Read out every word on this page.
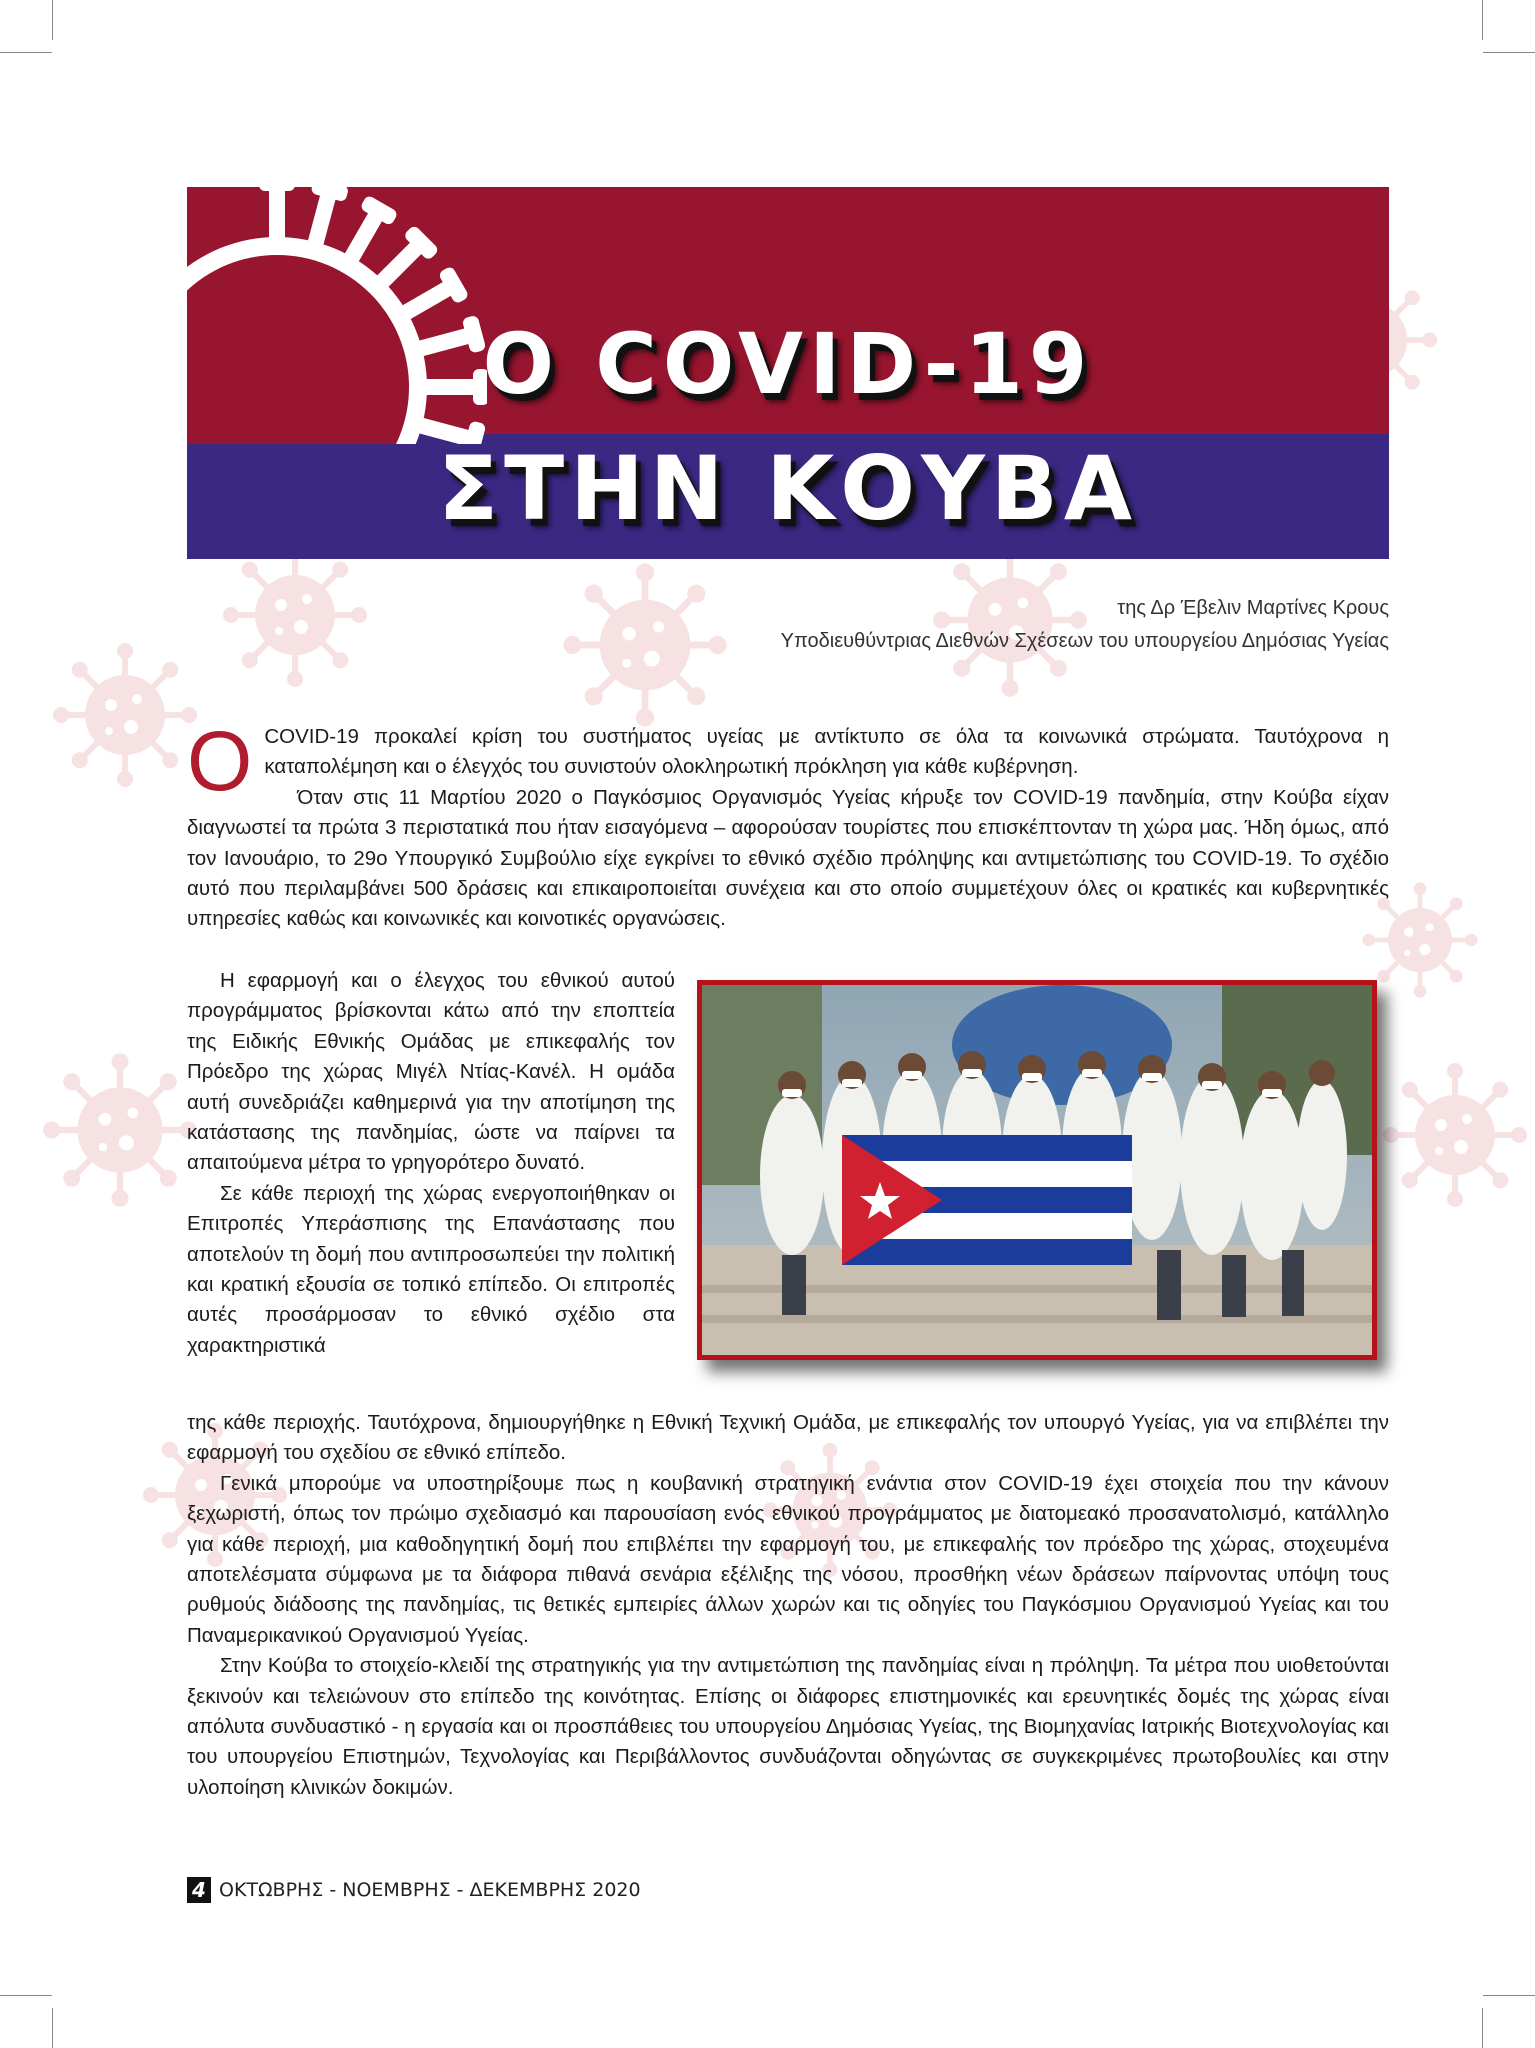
Ο COVID-19
ΣΤΗΝ ΚΟΥΒΑ
της Δρ Έβελιν Μαρτίνες Κρους
Υποδιευθύντριας Διεθνών Σχέσεων του υπουργείου Δημόσιας Υγείας

ΟCOVID-19 προκαλεί κρίση του συστήματος υγείας με αντίκτυπο σε όλα τα κοινωνικά στρώματα. Ταυτόχρονα η καταπολέμηση και ο έλεγχός του συνιστούν ολοκληρωτική πρόκληση για κάθε κυβέρνηση.

Όταν στις 11 Μαρτίου 2020 ο Παγκόσμιος Οργανισμός Υγείας κήρυξε τον COVID-19 πανδημία, στην Κούβα είχαν διαγνωστεί τα πρώτα 3 περιστατικά που ήταν εισαγόμενα – αφορούσαν τουρίστες που επισκέπτονταν τη χώρα μας. Ήδη όμως, από τον Ιανουάριο, το 29ο Υπουργικό Συμβούλιο είχε εγκρίνει το εθνικό σχέδιο πρόληψης και αντιμετώπισης του COVID-19. Το σχέδιο αυτό που περιλαμβάνει 500 δράσεις και επικαιροποιείται συνέχεια και στο οποίο συμμετέχουν όλες οι κρατικές και κυβερνητικές υπηρεσίες καθώς και κοινωνικές και κοινοτικές οργανώσεις.

Η εφαρμογή και ο έλεγχος του εθνικού αυτού προγράμματος βρίσκονται κάτω από την εποπτεία της Ειδικής Εθνικής Ομάδας με επικεφαλής τον Πρόεδρο της χώρας Μιγέλ Ντίας-Κανέλ. Η ομάδα αυτή συνεδριάζει καθημερινά για την αποτίμηση της κατάστασης της πανδημίας, ώστε να παίρνει τα απαιτούμενα μέτρα το γρηγορότερο δυνατό.

Σε κάθε περιοχή της χώρας ενεργοποιήθηκαν οι Επιτροπές Υπεράσπισης της Επανάστασης που αποτελούν τη δομή που αντιπροσωπεύει την πολιτική και κρατική εξουσία σε τοπικό επίπεδο. Οι επιτροπές αυτές προσάρμοσαν το εθνικό σχέδιο στα χαρακτηριστικά

της κάθε περιοχής. Ταυτόχρονα, δημιουργήθηκε η Εθνική Τεχνική Ομάδα, με επικεφαλής τον υπουργό Υγείας, για να επιβλέπει την εφαρμογή του σχεδίου σε εθνικό επίπεδο.

Γενικά μπορούμε να υποστηρίξουμε πως η κουβανική στρατηγική ενάντια στον COVID-19 έχει στοιχεία που την κάνουν ξεχωριστή, όπως τον πρώιμο σχεδιασμό και παρουσίαση ενός εθνικού προγράμματος με διατομεακό προσανατολισμό, κατάλληλο για κάθε περιοχή, μια καθοδηγητική δομή που επιβλέπει την εφαρμογή του, με επικεφαλής τον πρόεδρο της χώρας, στοχευμένα αποτελέσματα σύμφωνα με τα διάφορα πιθανά σενάρια εξέλιξης της νόσου, προσθήκη νέων δράσεων παίρνοντας υπόψη τους ρυθμούς διάδοσης της πανδημίας, τις θετικές εμπειρίες άλλων χωρών και τις οδηγίες του Παγκόσμιου Οργανισμού Υγείας και του Παναμερικανικού Οργανισμού Υγείας.

Στην Κούβα το στοιχείο-κλειδί της στρατηγικής για την αντιμετώπιση της πανδημίας είναι η πρόληψη. Τα μέτρα που υιοθετούνται ξεκινούν και τελειώνουν στο επίπεδο της κοινότητας. Επίσης οι διάφορες επιστημονικές και ερευνητικές δομές της χώρας είναι απόλυτα συνδυαστικό - η εργασία και οι προσπάθειες του υπουργείου Δημόσιας Υγείας, της Βιομηχανίας Ιατρικής Βιοτεχνολογίας και του υπουργείου Επιστημών, Τεχνολογίας και Περιβάλλοντος συνδυάζονται οδηγώντας σε συγκεκριμένες πρωτοβουλίες και στην υλοποίηση κλινικών δοκιμών.

4 ΟΚΤΩΒΡΗΣ - ΝΟΕΜΒΡΗΣ - ΔΕΚΕΜΒΡΗΣ 2020
